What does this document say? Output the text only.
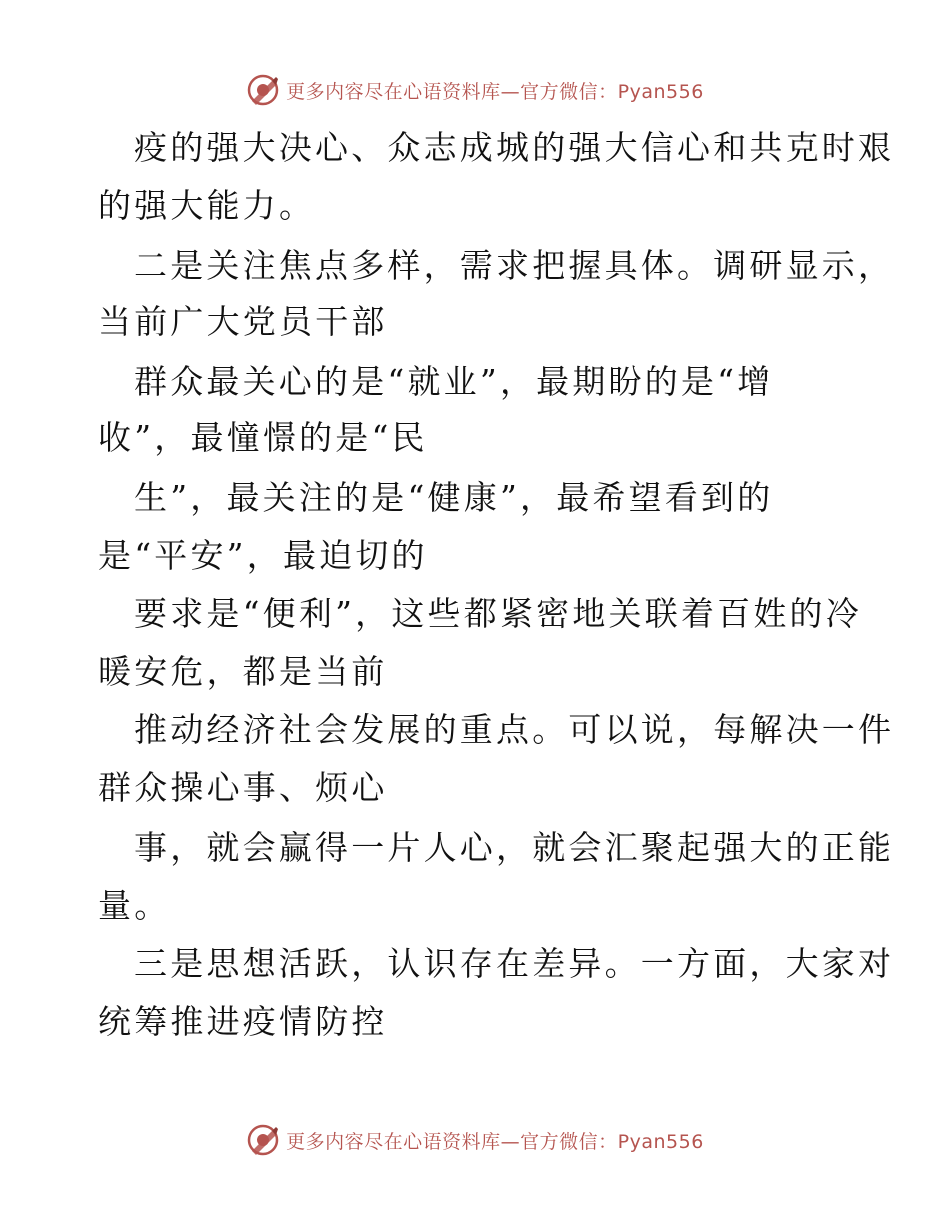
更多内容尽在心语资料库—官方微信：Pyan556
疫的强大决心、众志成城的强大信心和共克时艰
的强大能力。
二是关注焦点多样，需求把握具体。调研显示，
当前广大党员干部
群众最关心的是“就业”，最期盼的是“增
收”，最憧憬的是“民
生”，最关注的是“健康”，最希望看到的
是“平安”，最迫切的
要求是“便利”，这些都紧密地关联着百姓的冷
暖安危，都是当前
推动经济社会发展的重点。可以说，每解决一件
群众操心事、烦心
事，就会赢得一片人心，就会汇聚起强大的正能
量。
三是思想活跃，认识存在差异。一方面，大家对
统筹推进疫情防控
更多内容尽在心语资料库—官方微信：Pyan556
